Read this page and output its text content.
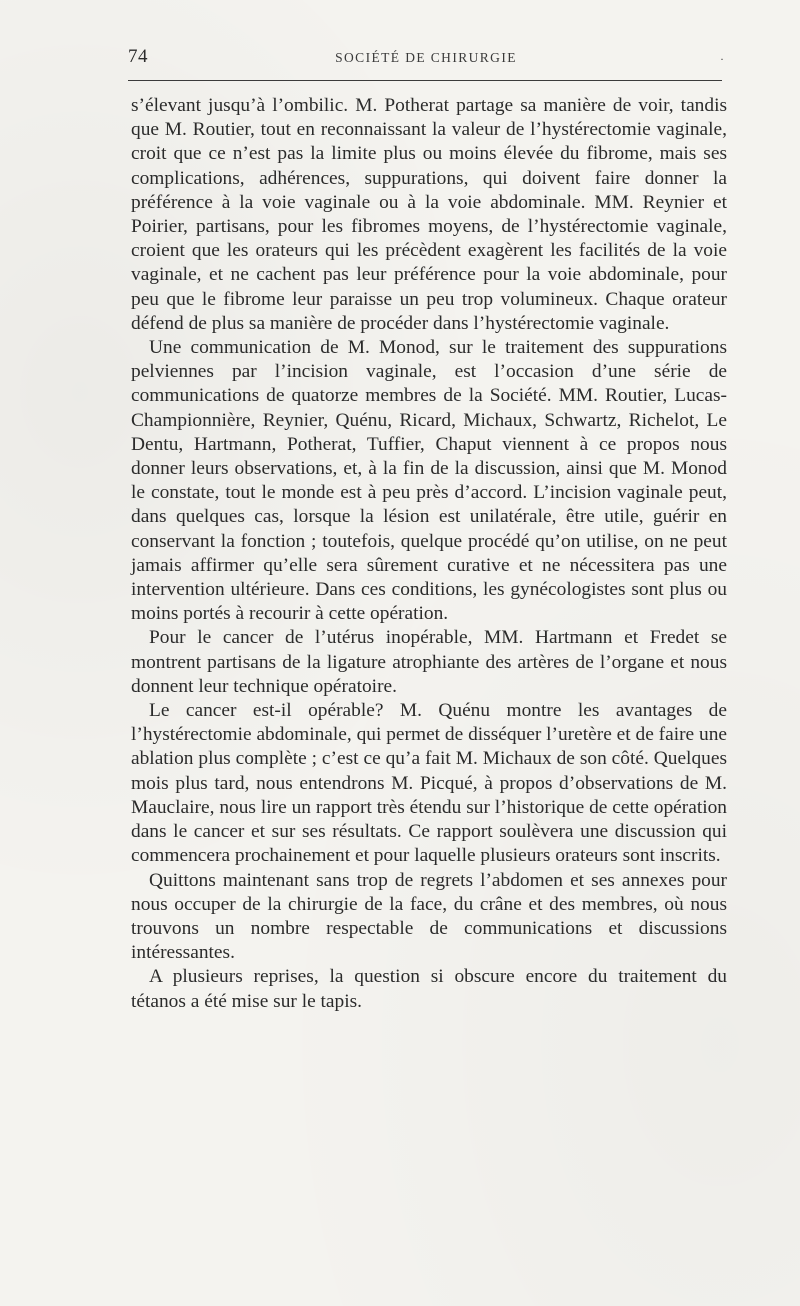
74	SOCIÉTÉ DE CHIRURGIE	·

s’élevant jusqu’à l’ombilic. M. Potherat partage sa manière de voir, tandis que M. Routier, tout en reconnaissant la valeur de l’hystérectomie vaginale, croit que ce n’est pas la limite plus ou moins élevée du fibrome, mais ses complications, adhérences, suppurations, qui doivent faire donner la préférence à la voie vaginale ou à la voie abdominale. MM. Reynier et Poirier, partisans, pour les fibromes moyens, de l’hystérectomie vaginale, croient que les orateurs qui les précèdent exagèrent les facilités de la voie vaginale, et ne cachent pas leur préférence pour la voie abdominale, pour peu que le fibrome leur paraisse un peu trop volumineux. Chaque orateur défend de plus sa manière de procéder dans l’hystérectomie vaginale.

Une communication de M. Monod, sur le traitement des suppurations pelviennes par l’incision vaginale, est l’occasion d’une série de communications de quatorze membres de la Société. MM. Routier, Lucas-Championnière, Reynier, Quénu, Ricard, Michaux, Schwartz, Richelot, Le Dentu, Hartmann, Potherat, Tuffier, Chaput viennent à ce propos nous donner leurs observations, et, à la fin de la discussion, ainsi que M. Monod le constate, tout le monde est à peu près d’accord. L’incision vaginale peut, dans quelques cas, lorsque la lésion est unilatérale, être utile, guérir en conservant la fonction ; toutefois, quelque procédé qu’on utilise, on ne peut jamais affirmer qu’elle sera sûrement curative et ne nécessitera pas une intervention ultérieure. Dans ces conditions, les gynécologistes sont plus ou moins portés à recourir à cette opération.

Pour le cancer de l’utérus inopérable, MM. Hartmann et Fredet se montrent partisans de la ligature atrophiante des artères de l’organe et nous donnent leur technique opératoire.

Le cancer est-il opérable? M. Quénu montre les avantages de l’hystérectomie abdominale, qui permet de disséquer l’uretère et de faire une ablation plus complète ; c’est ce qu’a fait M. Michaux de son côté. Quelques mois plus tard, nous entendrons M. Picqué, à propos d’observations de M. Mauclaire, nous lire un rapport très étendu sur l’historique de cette opération dans le cancer et sur ses résultats. Ce rapport soulèvera une discussion qui commencera prochainement et pour laquelle plusieurs orateurs sont inscrits.

Quittons maintenant sans trop de regrets l’abdomen et ses annexes pour nous occuper de la chirurgie de la face, du crâne et des membres, où nous trouvons un nombre respectable de communications et discussions intéressantes.

A plusieurs reprises, la question si obscure encore du traitement du tétanos a été mise sur le tapis.
